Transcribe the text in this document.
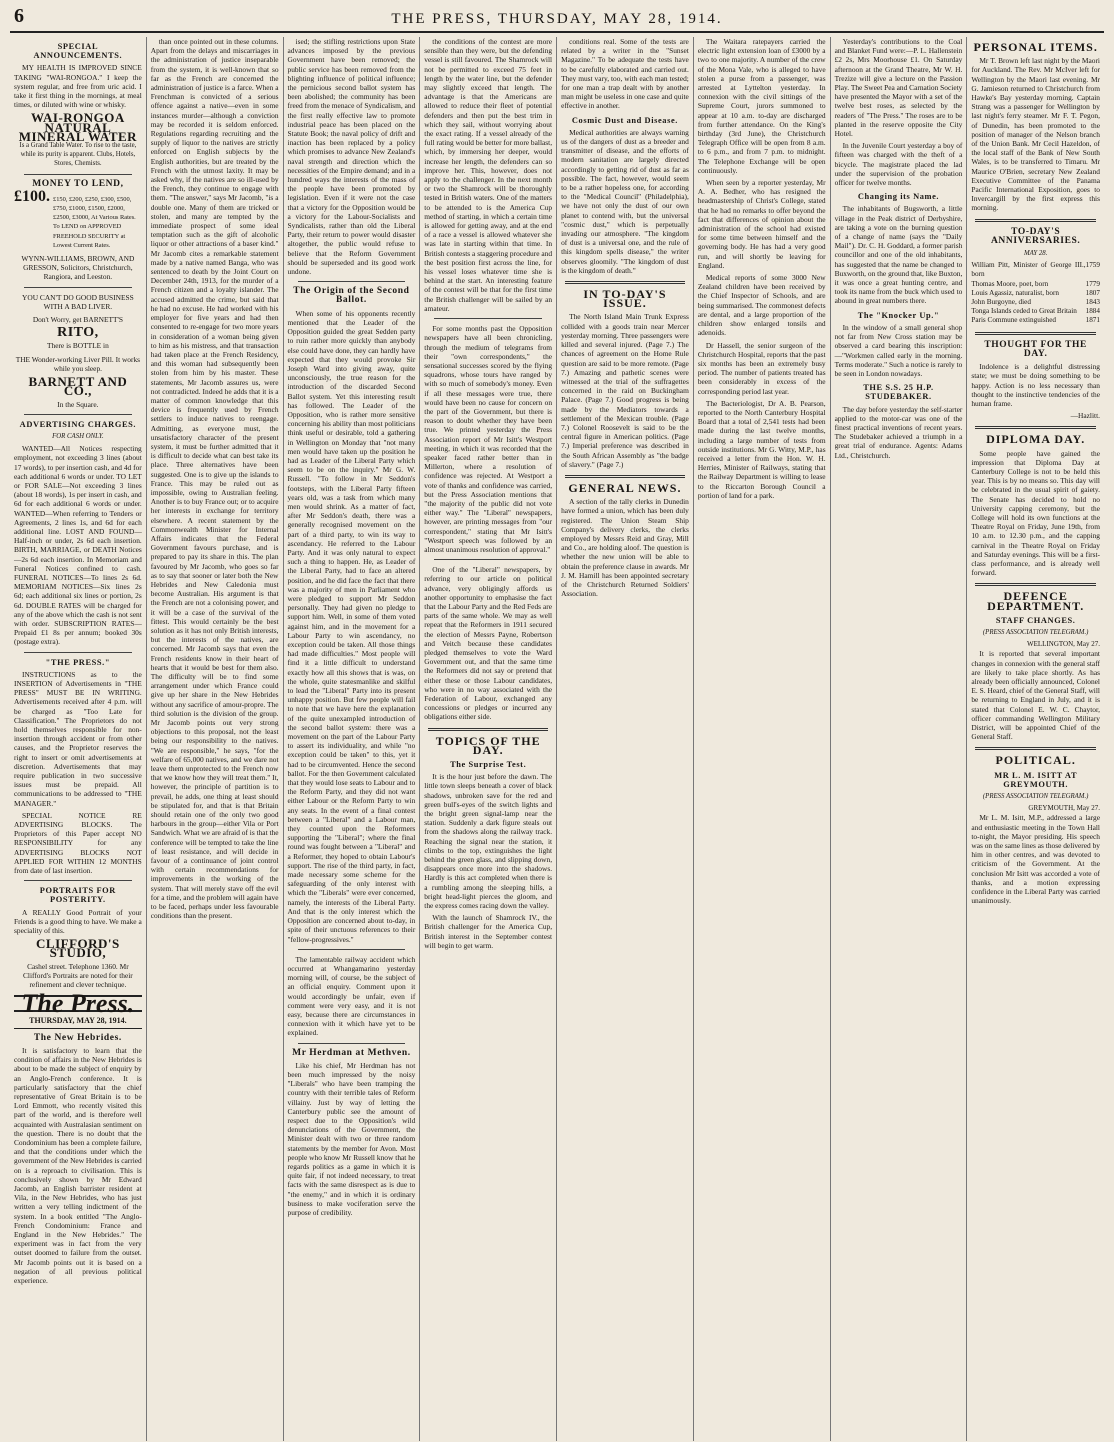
6	THE PRESS, THURSDAY, MAY 28, 1914.
SPECIAL ANNOUNCEMENTS.

MY HEALTH IS IMPROVED SINCE TAKING "WAI-RONGOA." I keep the system regular, and free from uric acid. I take it first thing in the mornings, at meal times, or diluted with wine or whisky.

WAI-RONGOA NATURAL MINERAL WATER
Is a Grand Table Water. To rise to the taste, while its purity is apparent. Clubs, Hotels, Stores, Chemists.
MONEY TO LEND,
£100. £150, £200, £250, £300, £500, £750, £1000, £1500, £2000, £2500, £3000, At Various Rates. To LEND on APPROVED FREEHOLD SECURITY at Lowest Current Rates.
WYNN-WILLIAMS, BROWN, AND GRESSON, Solicitors, Christchurch, Rangiora, and Leeston.
YOU CAN'T DO GOOD BUSINESS WITH A BAD LIVER.
Don't Worry, get BARNETT'S
RITO,
There is BOTTLE in
THE Wonder-working Liver Pill. It works while you sleep.
BARNETT AND CO.,
In the Square.
ADVERTISING CHARGES.
FOR CASH ONLY.

WANTED—All Notices respecting employment, not exceeding 3 lines (about 17 words), to per insertion cash, and 4d for each additional 6 words or under. TO LET or FOR SALE—Not exceeding 3 lines (about 18 words), 1s per insert in cash, and 6d for each additional 6 words or under. WANTED—When referring to Tenders or Agreements, 2 lines 1s, and 6d for each additional line. LOST AND FOUND—Half-inch or under, 2s 6d each insertion. BIRTH, MARRIAGE, or DEATH Notices —2s 6d each insertion. In Memoriam and Funeral Notices confined to cash. FUNERAL NOTICES—To lines 2s 6d. MEMORIAM NOTICES—Six lines 2s 6d; each additional six lines or portion, 2s 6d. DOUBLE RATES will be charged for any of the above which the cash is not sent with order. SUBSCRIPTION RATES—Prepaid £1 8s per annum; booked 30s (postage extra).

"THE PRESS."

INSTRUCTIONS as to the INSERTION of Advertisements in "THE PRESS" MUST BE IN WRITING. Advertisements received after 4 p.m. will be charged as "Too Late for Classification." The Proprietors do not hold themselves responsible for non-insertion through accident or from other causes, and the Proprietor reserves the right to insert or omit advertisements at discretion. Advertisements that may require publication in two successive issues must be prepaid. All communications to be addressed to "THE MANAGER."

SPECIAL NOTICE RE ADVERTISING BLOCKS. The Proprietors of this Paper accept NO RESPONSIBILITY for any ADVERTISING BLOCKS NOT APPLIED FOR WITHIN 12 MONTHS from date of last insertion.

PORTRAITS FOR POSTERITY.

A REALLY Good Portrait of your Friends is a good thing to have. We make a speciality of this.

CLIFFORD'S STUDIO,
Cashel street. Telephone 1360. Mr Clifford's Portraits are noted for their refinement and clever technique.
The Press.
THURSDAY, MAY 28, 1914.
The New Hebrides.

It is satisfactory to learn that the condition of affairs in the New Hebrides is about to be made the subject of enquiry by an Anglo-French conference. It is particularly satisfactory that the chief representative of Great Britain is to be Lord Emmott, who recently visited this part of the world, and is therefore well acquainted with Australasian sentiment on the question. There is no doubt that the Condominium has been a complete failure, and that the conditions under which the government of the New Hebrides is carried on is a reproach to civilisation. This is conclusively shown by Mr Edward Jacomb, an English barrister resident at Vila, in the New Hebrides, who has just written a very telling indictment of the system. In a book entitled "The Anglo-French Condominium: France and England in the New Hebrides." The experiment was in fact from the very outset doomed to failure from the outset. Mr Jacomb points out it is based on a negation of all previous political experience.

than once pointed out in these columns. Apart from the delays and miscarriages in the administration of justice inseparable from the system, it is well-known that so far as the French are concerned the administration of justice is a farce. When a Frenchman is convicted of a serious offence against a native—even in some instances murder—although a conviction may be recorded it is seldom enforced. Regulations regarding recruiting and the supply of liquor to the natives are strictly enforced on English subjects by the English authorities, but are treated by the French with the utmost laxity. It may be asked why, if the natives are so ill-used by the French, they continue to engage with them. "The answer," says Mr Jacomb, "is a double one. Many of them are tricked or stolen, and many are tempted by the immediate prospect of some ideal temptation such as the gift of alcoholic liquor or other attractions of a baser kind." Mr Jacomb cites a remarkable statement made by a native named Banga, who was sentenced to death by the Joint Court on December 24th, 1913, for the murder of a French citizen and a loyalty islander. The accused admitted the crime, but said that he had no excuse. He had worked with his employer for five years and had then consented to re-engage for two more years in consideration of a woman being given to him as his mistress, and that transaction had taken place at the French Residency, and this woman had subsequently been stolen from him by his master. These statements, Mr Jacomb assures us, were not contradicted. Indeed he adds that it is a matter of common knowledge that this device is frequently used by French settlers to induce natives to reengage. Admitting, as everyone must, the unsatisfactory character of the present system, it must be further admitted that it is difficult to decide what can best take its place. Three alternatives have been suggested. One is to give up the islands to France. This may be ruled out as impossible, owing to Australian feeling. Another is to buy France out; or to acquire her interests in exchange for territory elsewhere. A recent statement by the Commonwealth Minister for Internal Affairs indicates that the Federal Government favours purchase, and is prepared to pay its share in this. The plan favoured by Mr Jacomb, who goes so far as to say that sooner or later both the New Hebrides and New Caledonia must become Australian. His argument is that the French are not a colonising power, and it will be a case of the survival of the fittest. This would certainly be the best solution as it has not only British interests, but the interests of the natives, are concerned. Mr Jacomb says that even the French residents know in their heart of hearts that it would be best for them also. The difficulty will be to find some arrangement under which France could give up her share in the New Hebrides without any sacrifice of amour-propre. The third solution is the division of the group. Mr Jacomb points out very strong objections to this proposal, not the least being our responsibility to the natives. "We are responsible," he says, "for the welfare of 65,000 natives, and we dare not leave them unprotected to the French now that we know how they will treat them." It, however, the principle of partition is to prevail, he adds, one thing at least should be stipulated for, and that is that Britain should retain one of the only two good harbours in the group—either Vila or Port Sandwich. What we are afraid of is that the conference will be tempted to take the line of least resistance, and will decide in favour of a continuance of joint control with certain recommendations for improvements in the working of the system. That will merely stave off the evil for a time, and the problem will again have to be faced, perhaps under less favourable conditions than the present.

ised; the stifling restrictions upon State advances imposed by the previous Government have been removed; the public service has been removed from the blighting influence of political influence; the pernicious second ballot system has been abolished; the community has been freed from the menace of Syndicalism, and the first really effective law to promote industrial peace has been placed on the Statute Book; the naval policy of drift and inaction has been replaced by a policy which promises to advance New Zealand's naval strength and direction which the necessities of the Empire demand; and in a hundred ways the interests of the mass of the people have been promoted by legislation. Even if it were not the case that a victory for the Opposition would be a victory for the Labour-Socialists and Syndicalists, rather than old the Liberal Party, their return to power would disaster altogether, the public would refuse to believe that the Reform Government should be superseded and its good work undone.

The Origin of the Second Ballot.

When some of his opponents recently mentioned that the Leader of the Opposition guided the great Sedden party to ruin rather more quickly than anybody else could have done, they can hardly have expected that they would provoke Sir Joseph Ward into giving away, quite unconsciously, the true reason for the introduction of the discarded Second Ballot system. Yet this interesting result has followed. The Leader of the Opposition, who is rather more sensitive concerning his ability than most politicians think useful or desirable, told a gathering in Wellington on Monday that "not many men would have taken up the position he had as Leader of the Liberal Party which seem to be on the inquiry." Mr G. W. Russell. "To follow in Mr Seddon's footsteps, with the Liberal Party fifteen years old, was a task from which many men would shrink. As a matter of fact, after Mr Seddon's death, there was a generally recognised movement on the part of a third party, to win its way to ascendancy. He referred to the Labour Party. And it was only natural to expect such a thing to happen. He, as Leader of the Liberal Party, had to face an altered position, and he did face the fact that there was a majority of men in Parliament who were pledged to support Mr Seddon personally. They had given no pledge to support him. Well, in some of them voted against him, and in the movement for a Labour Party to win ascendancy, no exception could be taken. All those things had made difficulties." Most people will find it a little difficult to understand exactly how all this shows that is was, on the whole, quite statesmanlike and skilful to lead the "Liberal" Party into its present unhappy position. But few people will fail to note that we have here the explanation of the quite unexampled introduction of the second ballot system: there was a movement on the part of the Labour Party to assert its individuality, and while "no exception could be taken" to this, yet it had to be circumvented. Hence the second ballot. For the then Government calculated that they would lose seats to Labour and to the Reform Party, and they did not want either Labour or the Reform Party to win any seats. In the event of a final contest between a "Liberal" and a Labour man, they counted upon the Reformers supporting the "Liberal"; where the final round was fought between a "Liberal" and a Reformer, they hoped to obtain Labour's support. The rise of the third party, in fact, made necessary some scheme for the safeguarding of the only interest with which the "Liberals" were ever concerned, namely, the interests of the Liberal Party. And that is the only interest which the Opposition are concerned about to-day, in spite of their unctuous references to their "fellow-progressives."

The lamentable railway accident which occurred at Whangamarino yesterday morning will, of course, be the subject of an official enquiry. Comment upon it would accordingly be unfair, even if comment were very easy, and it is not easy, because there are circumstances in connexion with it which have yet to be explained.

Mr Herdman at Methven.

Like his chief, Mr Herdman has not been much impressed by the noisy "Liberals" who have been tramping the country with their terrible tales of Reform villainy. Just by way of letting the Canterbury public see the amount of respect due to the Opposition's wild denunciations of the Government, the Minister dealt with two or three random statements by the member for Avon. Most people who know Mr Russell know that he regards politics as a game in which it is quite fair, if not indeed necessary, to treat facts with the same disrespect as is due to "the enemy," and in which it is ordinary business to make vociferation serve the purpose of credibility.

the conditions of the contest are more sensible than they were, but the defending vessel is still favoured. The Shamrock will not be permitted to exceed 75 feet in length by the water line, but the defender may slightly exceed that length. The advantage is that the Americans are allowed to reduce their fleet of potential defenders and then put the best trim in which they sail, without worrying about the exact rating. If a vessel already of the full rating would be better for more ballast, which, by immersing her deeper, would increase her length, the defenders can so improve her. This, however, does not apply to the challenger. In the next month or two the Shamrock will be thoroughly tested in British waters. One of the matters to be attended to is the America Cup method of starting, in which a certain time is allowed for getting away, and at the end of a race a vessel is allowed whatever she was late in starting within that time. In British contests a staggering procedure and the best position first across the line, for his vessel loses whatever time she is behind at the start. An interesting feature of the contest will be that for the first time the British challenger will be sailed by an amateur.

For some months past the Opposition newspapers have all been chronicling, through the medium of telegrams from their "own correspondents," the sensational successes scored by the flying squadrons, whose tours have ranged by with so much of somebody's money. Even if all these messages were true, there would have been no cause for concern on the part of the Government, but there is reason to doubt whether they have been true. We printed yesterday the Press Association report of Mr Isitt's Westport meeting, in which it was recorded that the speaker faced rather better than in Millerton, where a resolution of confidence was rejected. At Westport a vote of thanks and confidence was carried, but the Press Association mentions that "the majority of the public did not vote either way." The "Liberal" newspapers, however, are printing messages from "our correspondent," stating that Mr Isitt's "Westport speech was followed by an almost unanimous resolution of approval."

One of the "Liberal" newspapers, by referring to our article on political advance, very obligingly affords us another opportunity to emphasise the fact that the Labour Party and the Red Feds are parts of the same whole. We may as well repeat that the Reformers in 1911 secured the election of Messrs Payne, Robertson and Veitch because these candidates pledged themselves to vote the Ward Government out, and that the same time the Reformers did not say or pretend that either these or those Labour candidates, who were in no way associated with the Federation of Labour, exchanged any concessions or pledges or incurred any obligations either side.

TOPICS OF THE DAY.
The Surprise Test.

It is the hour just before the dawn. The little town sleeps beneath a cover of black shadows, unbroken save for the red and green bull's-eyes of the switch lights and the bright green signal-lamp near the station. Suddenly a dark figure steals out from the shadows along the railway track. Reaching the signal near the station, it climbs to the top, extinguishes the light behind the green glass, and slipping down, disappears once more into the shadows. Hardly is this act completed when there is a rumbling among the sleeping hills, a bright head-light pierces the gloom, and the express comes racing down the valley.

With the launch of Shamrock IV., the British challenger for the America Cup, British interest in the September contest will begin to get warm.

conditions real. Some of the tests are related by a writer in the "Sunset Magazine." To be adequate the tests have to be carefully elaborated and carried out. They must vary, too, with each man tested; for one man a trap dealt with by another man might be useless in one case and quite effective in another.

Cosmic Dust and Disease.

Medical authorities are always warning us of the dangers of dust as a breeder and transmitter of disease, and the efforts of modern sanitation are largely directed accordingly to getting rid of dust as far as possible. The fact, however, would seem to be a rather hopeless one, for according to the "Medical Council" (Philadelphia), we have not only the dust of our own planet to contend with, but the universal "cosmic dust," which is perpetually invading our atmosphere. "The kingdom of dust is a universal one, and the rule of this kingdom spells disease," the writer observes gloomily. "The kingdom of dust is the kingdom of death."

IN TO-DAY'S ISSUE.

The North Island Main Trunk Express collided with a goods train near Mercer yesterday morning. Three passengers were killed and several injured. (Page 7.) The chances of agreement on the Home Rule question are said to be more remote. (Page 7.) Amazing and pathetic scenes were witnessed at the trial of the suffragettes concerned in the raid on Buckingham Palace. (Page 7.) Good progress is being made by the Mediators towards a settlement of the Mexican trouble. (Page 7.) Colonel Roosevelt is said to be the central figure in American politics. (Page 7.) Imperial preference was described in the South African Assembly as "the badge of slavery." (Page 7.)

GENERAL NEWS.

A section of the tally clerks in Dunedin have formed a union, which has been duly registered. The Union Steam Ship Company's delivery clerks, the clerks employed by Messrs Reid and Gray, Mill and Co., are holding aloof. The question is whether the new union will be able to obtain the preference clause in awards. Mr J. M. Hamill has been appointed secretary of the Christchurch Returned Soldiers' Association.

The Waitara ratepayers carried the electric light extension loan of £3000 by a two to one majority. A number of the crew of the Mona Vale, who is alleged to have stolen a purse from a passenger, was arrested at Lyttelton yesterday. In connexion with the civil sittings of the Supreme Court, jurors summoned to appear at 10 a.m. to-day are discharged from further attendance. On the King's birthday (3rd June), the Christchurch Telegraph Office will be open from 8 a.m. to 6 p.m., and from 7 p.m. to midnight. The Telephone Exchange will be open continuously.

When seen by a reporter yesterday, Mr A. A. Bedher, who has resigned the headmastership of Christ's College, stated that he had no remarks to offer beyond the fact that differences of opinion about the administration of the school had existed for some time between himself and the governing body. He has had a very good run, and will shortly be leaving for England.

Medical reports of some 3000 New Zealand children have been received by the Chief Inspector of Schools, and are being summarised. The commonest defects are dental, and a large proportion of the children show enlarged tonsils and adenoids.

Dr Hassell, the senior surgeon of the Christchurch Hospital, reports that the past six months has been an extremely busy period. The number of patients treated has been considerably in excess of the corresponding period last year.

The Bacteriologist, Dr A. B. Pearson, reported to the North Canterbury Hospital Board that a total of 2,541 tests had been made during the last twelve months, including a large number of tests from outside institutions. Mr G. Witty, M.P., has received a letter from the Hon. W. H. Herries, Minister of Railways, stating that the Railway Department is willing to lease to the Riccarton Borough Council a portion of land for a park.

Yesterday's contributions to the Coal and Blanket Fund were:—P. L. Hallenstein £2 2s, Mrs Moorhouse £1. On Saturday afternoon at the Grand Theatre, Mr W. H. Trezize will give a lecture on the Passion Play. The Sweet Pea and Carnation Society have presented the Mayor with a set of the twelve best roses, as selected by the readers of "The Press." The roses are to be planted in the reserve opposite the City Hotel.

In the Juvenile Court yesterday a boy of fifteen was charged with the theft of a bicycle. The magistrate placed the lad under the supervision of the probation officer for twelve months.

Changing its Name.

The inhabitants of Bugsworth, a little village in the Peak district of Derbyshire, are taking a vote on the burning question of a change of name (says the "Daily Mail"). Dr. C. H. Goddard, a former parish councillor and one of the old inhabitants, has suggested that the name be changed to Buxworth, on the ground that, like Buxton, it was once a great hunting centre, and took its name from the buck which used to abound in great numbers there.

The "Knocker Up."

In the window of a small general shop not far from New Cross station may be observed a card bearing this inscription:—"Workmen called early in the morning. Terms moderate." Such a notice is rarely to be seen in London nowadays.

THE S.S. 25 H.P. STUDEBAKER.

The day before yesterday the self-starter applied to the motor-car was one of the finest practical inventions of recent years. The Studebaker achieved a triumph in a great trial of endurance. Agents: Adams Ltd., Christchurch.

PERSONAL ITEMS.

Mr T. Brown left last night by the Maori for Auckland. The Rev. Mr McIver left for Wellington by the Maori last evening. Mr G. Jamieson returned to Christchurch from Hawke's Bay yesterday morning. Captain Strang was a passenger for Wellington by last night's ferry steamer. Mr F. T. Pegon, of Dunedin, has been promoted to the position of manager of the Nelson branch of the Union Bank. Mr Cecil Hazeldon, of the local staff of the Bank of New South Wales, is to be transferred to Timaru. Mr Maurice O'Brien, secretary New Zealand Executive Committee of the Panama Pacific International Exposition, goes to Invercargill by the first express this morning.

TO-DAY'S ANNIVERSARIES.
MAY 28.
William Pitt, Minister of George III., born
1759
Thomas Moore, poet, born	1779
Louis Agassiz, naturalist, born	1807
John Burgoyne, died	1843
Tonga Islands ceded to Great Britain 1884
Paris Commune extinguished	1871
THOUGHT FOR THE DAY.

Indolence is a delightful distressing state; we must be doing something to be happy. Action is no less necessary than thought to the instinctive tendencies of the human frame.

—Hazlitt.
DIPLOMA DAY.

Some people have gained the impression that Diploma Day at Canterbury College is not to be held this year. This is by no means so. This day will be celebrated in the usual spirit of gaiety. The Senate has decided to hold no University capping ceremony, but the College will hold its own functions at the Theatre Royal on Friday, June 19th, from 10 a.m. to 12.30 p.m., and the capping carnival in the Theatre Royal on Friday and Saturday evenings. This will be a first-class performance, and is already well forward.

DEFENCE DEPARTMENT.
STAFF CHANGES.
(PRESS ASSOCIATION TELEGRAM.)
WELLINGTON, May 27.

It is reported that several important changes in connexion with the general staff are likely to take place shortly. As has already been officially announced, Colonel E. S. Heard, chief of the General Staff, will be returning to England in July, and it is stated that Colonel E. W. C. Chaytor, officer commanding Wellington Military District, will be appointed Chief of the General Staff.

POLITICAL.
MR L. M. ISITT AT GREYMOUTH.
(PRESS ASSOCIATION TELEGRAM.)
GREYMOUTH, May 27.

Mr L. M. Isitt, M.P., addressed a large and enthusiastic meeting in the Town Hall to-night, the Mayor presiding. His speech was on the same lines as those delivered by him in other centres, and was devoted to criticism of the Government. At the conclusion Mr Isitt was accorded a vote of thanks, and a motion expressing confidence in the Liberal Party was carried unanimously.
